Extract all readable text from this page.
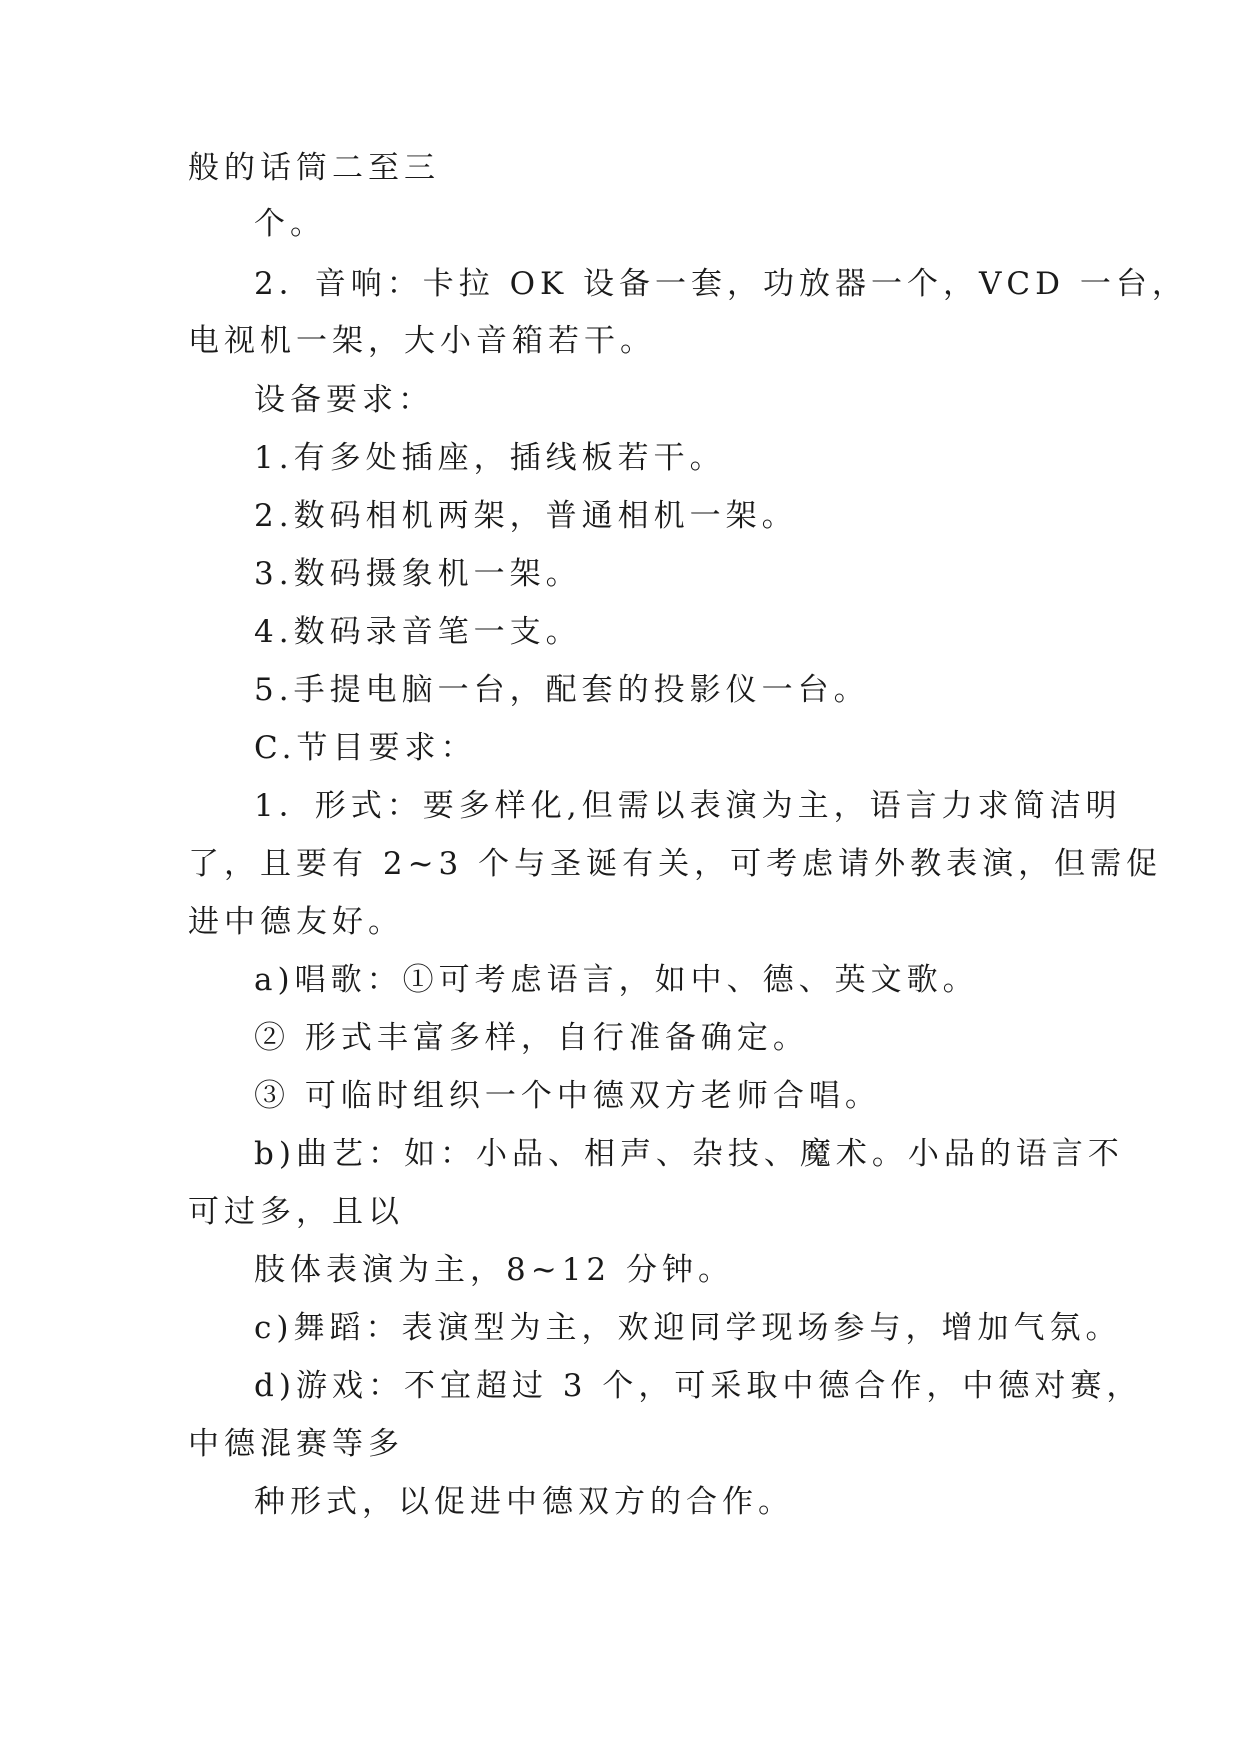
般的话筒二至三
个。
2．音响：卡拉 OK 设备一套，功放器一个，VCD 一台，
电视机一架，大小音箱若干。
设备要求：
1.有多处插座，插线板若干。
2.数码相机两架，普通相机一架。
3.数码摄象机一架。
4.数码录音笔一支。
5.手提电脑一台，配套的投影仪一台。
C.节目要求：
1．形式：要多样化,但需以表演为主，语言力求简洁明
了，且要有 2~3 个与圣诞有关，可考虑请外教表演，但需促
进中德友好。
a)唱歌：①可考虑语言，如中、德、英文歌。
② 形式丰富多样，自行准备确定。
③ 可临时组织一个中德双方老师合唱。
b)曲艺：如：小品、相声、杂技、魔术。小品的语言不
可过多，且以
肢体表演为主，8~12 分钟。
c)舞蹈：表演型为主，欢迎同学现场参与，增加气氛。
d)游戏：不宜超过 3 个，可采取中德合作，中德对赛，
中德混赛等多
种形式，以促进中德双方的合作。
